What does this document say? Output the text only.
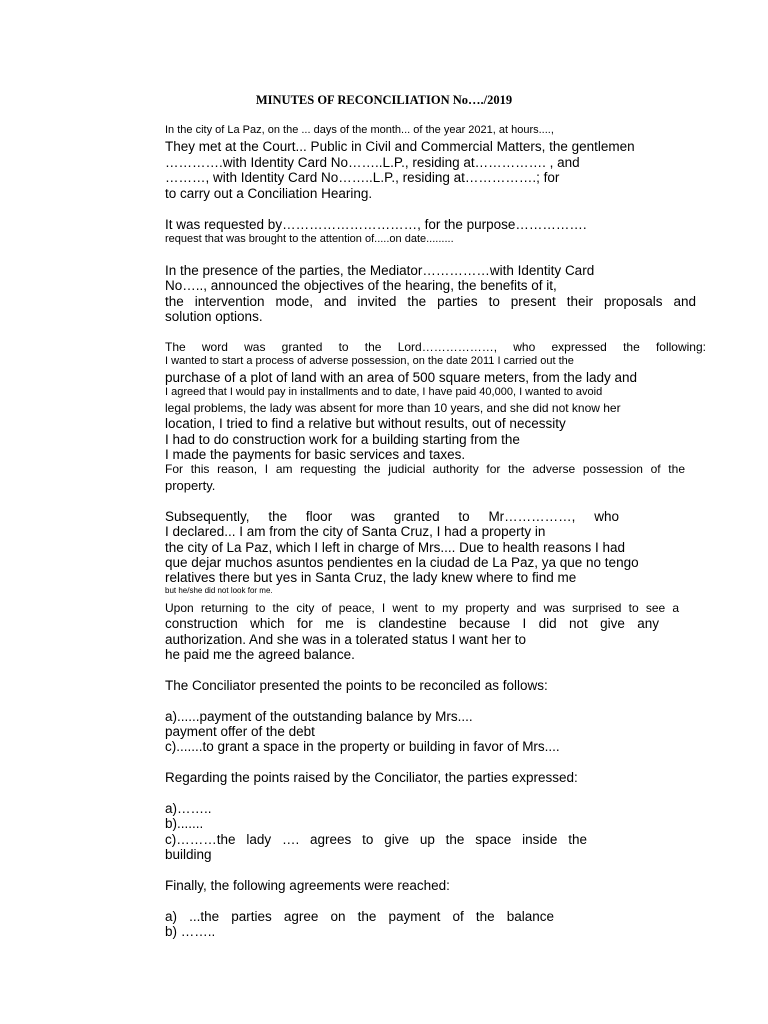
MINUTES OF RECONCILIATION No…./2019
In the city of La Paz, on the ... days of the month... of the year 2021, at hours....,
They met at the Court... Public in Civil and Commercial Matters, the gentlemen
………….with Identity Card No……..L.P., residing at……………. , and
………, with Identity Card No……..L.P., residing at…………….; for
to carry out a Conciliation Hearing.
It was requested by…………………………, for the purpose…………….
request that was brought to the attention of.....on date.........
In the presence of the parties, the Mediator……………with Identity Card
No….., announced the objectives of the hearing, the benefits of it,
the intervention mode, and invited the parties to present their proposals and
solution options.
The word was granted to the Lord………………, who expressed the following:
I wanted to start a process of adverse possession, on the date 2011 I carried out the
purchase of a plot of land with an area of 500 square meters, from the lady and
I agreed that I would pay in installments and to date, I have paid 40,000, I wanted to avoid
legal problems, the lady was absent for more than 10 years, and she did not know her
location, I tried to find a relative but without results, out of necessity
I had to do construction work for a building starting from the
I made the payments for basic services and taxes.
For this reason, I am requesting the judicial authority for the adverse possession of the
property.
Subsequently, the floor was granted to Mr……………, who
I declared... I am from the city of Santa Cruz, I had a property in
the city of La Paz, which I left in charge of Mrs.... Due to health reasons I had
que dejar muchos asuntos pendientes en la ciudad de La Paz, ya que no tengo
relatives there but yes in Santa Cruz, the lady knew where to find me
but he/she did not look for me.
Upon returning to the city of peace, I went to my property and was surprised to see a
construction which for me is clandestine because I did not give any
authorization. And she was in a tolerated status I want her to
he paid me the agreed balance.
The Conciliator presented the points to be reconciled as follows:
a)......payment of the outstanding balance by Mrs....
payment offer of the debt
c).......to grant a space in the property or building in favor of Mrs....
Regarding the points raised by the Conciliator, the parties expressed:
a)……..
b).......
c)………the lady …. agrees to give up the space inside the
building
Finally, the following agreements were reached:
a) ...the parties agree on the payment of the balance
b) ……..
